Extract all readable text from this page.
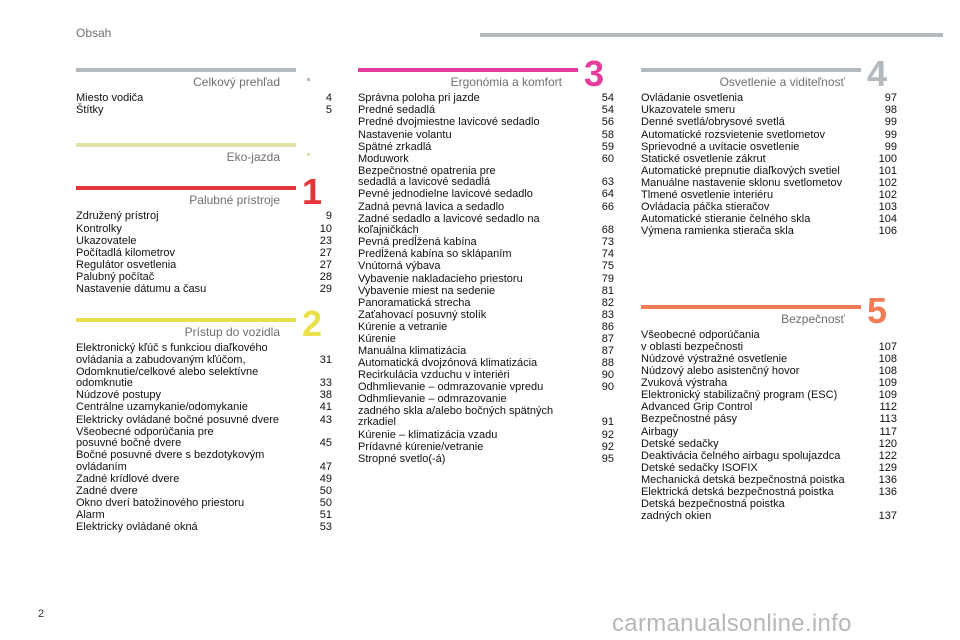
Obsah
Celkový prehľad
Miesto vodiča	4
Štítky	5
Eko-jazda
Palubné prístroje 1
Združený prístroj	9
Kontrolky	10
Ukazovatele	23
Počítadlá kilometrov	27
Regulátor osvetlenia	27
Palubný počítač	28
Nastavenie dátumu a času	29
Prístup do vozidla 2
Elektronický kľúč s funkciou diaľkového
ovládania a zabudovaným kľúčom,	31
Odomknutie/celkové alebo selektívne
odomknutie	33
Núdzové postupy	38
Centrálne uzamykanie/odomykanie	41
Elektricky ovládané bočné posuvné dvere	43
Všeobecné odporúčania pre
posuvné bočné dvere	45
Bočné posuvné dvere s bezdotykovým
ovládaním	47
Zadné krídlové dvere	49
Zadné dvere	50
Okno dverí batožinového priestoru	50
Alarm	51
Elektricky ovládané okná	53
Ergonómia a komfort 3
Správna poloha pri jazde	54
Predné sedadlá	54
Predné dvojmiestne lavicové sedadlo	56
Nastavenie volantu	58
Spätné zrkadlá	59
Moduwork	60
Bezpečnostné opatrenia pre
sedadlá a lavicové sedadlá	63
Pevné jednodielne lavicové sedadlo	64
Zadná pevná lavica a sedadlo	66
Zadné sedadlo a lavicové sedadlo na
koľajničkách	68
Pevná predĺžená kabína	73
Predĺžená kabína so sklápaním	74
Vnútorná výbava	75
Vybavenie nakladacieho priestoru	79
Vybavenie miest na sedenie	81
Panoramatická strecha	82
Zaťahovací posuvný stolík	83
Kúrenie a vetranie	86
Kúrenie	87
Manuálna klimatizácia	87
Automatická dvojzónová klimatizácia	88
Recirkulácia vzduchu v interiéri	90
Odhmlievanie – odmrazovanie vpredu	90
Odhmlievanie – odmrazovanie
zadného skla a/alebo bočných spätných
zrkadiel	91
Kúrenie – klimatizácia vzadu	92
Prídavné kúrenie/vetranie	92
Stropné svetlo(-á)	95
Osvetlenie a viditeľnosť 4
Ovládanie osvetlenia	97
Ukazovatele smeru	98
Denné svetlá/obrysové svetlá	99
Automatické rozsvietenie svetlometov	99
Sprievodné a uvítacie osvetlenie	99
Statické osvetlenie zákrut	100
Automatické prepnutie diaľkových svetiel	101
Manuálne nastavenie sklonu svetlometov	102
Tlmené osvetlenie interiéru	102
Ovládacia páčka stieračov	103
Automatické stieranie čelného skla	104
Výmena ramienka stierača skla	106
Bezpečnosť 5
Všeobecné odporúčania
v oblasti bezpečnosti	107
Núdzové výstražné osvetlenie	108
Núdzový alebo asistenčný hovor	108
Zvuková výstraha	109
Elektronický stabilizačný program (ESC)	109
Advanced Grip Control	112
Bezpečnostné pásy	113
Airbagy	117
Detské sedačky	120
Deaktivácia čelného airbagu spolujazdca	122
Detské sedačky ISOFIX	129
Mechanická detská bezpečnostná poistka	136
Elektrická detská bezpečnostná poistka	136
Detská bezpečnostná poistka
zadných okien	137
2	carmanualsonline.info
